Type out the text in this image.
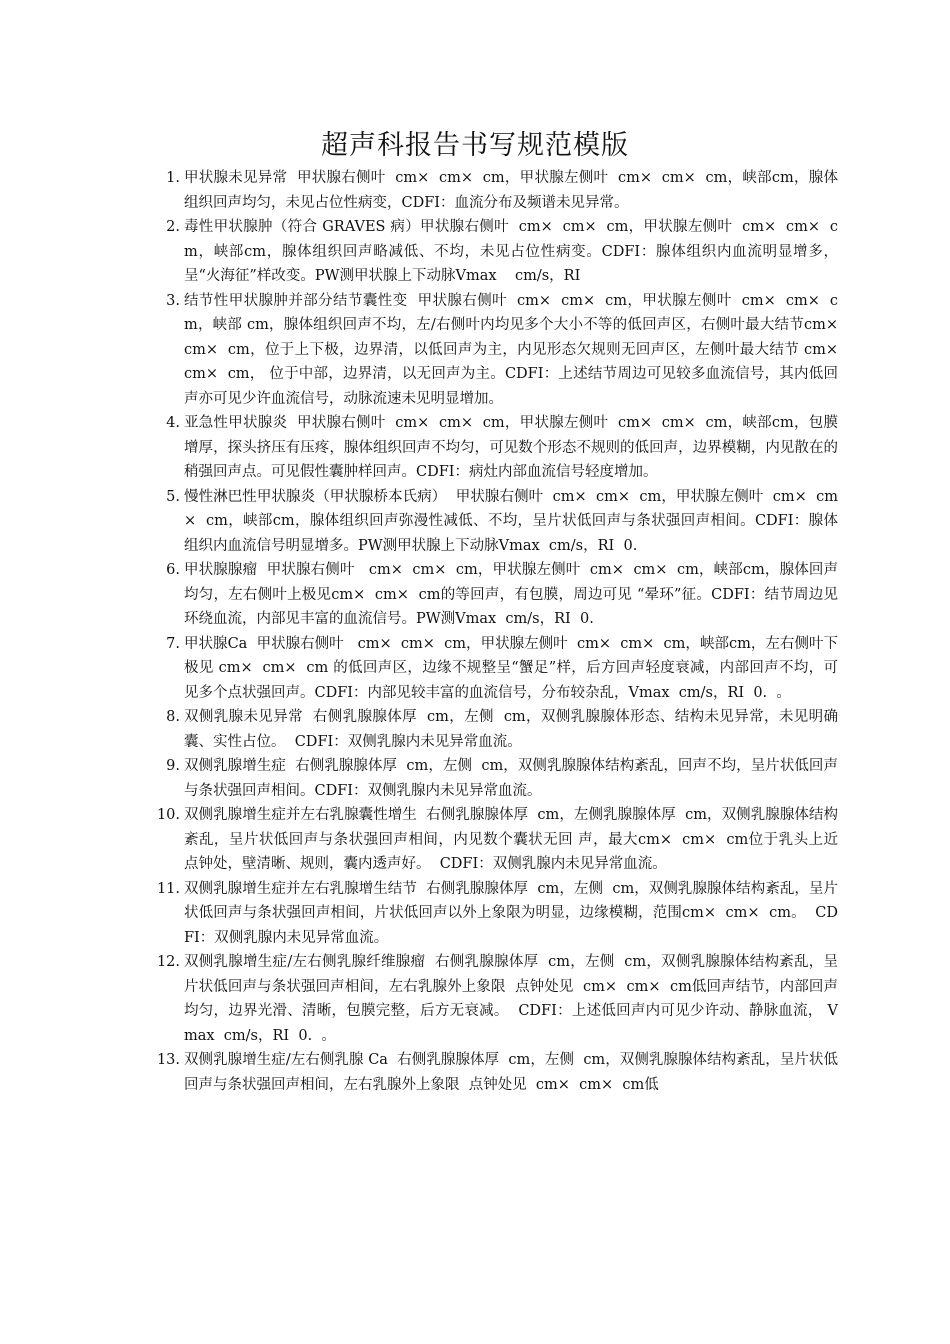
超声科报告书写规范模版
1. 甲状腺未见异常  甲状腺右侧叶  cm×  cm×  cm，甲状腺左侧叶  cm×  cm×  cm，峡部cm，腺体组织回声均匀，未见占位性病变，CDFI：血流分布及频谱未见异常。
2. 毒性甲状腺肿（符合 GRAVES 病）甲状腺右侧叶  cm×  cm×  cm，甲状腺左侧叶  cm×  cm×  cm，峡部cm，腺体组织回声略减低、不均，未见占位性病变。CDFI：腺体组织内血流明显增多，呈“火海征”样改变。PW测甲状腺上下动脉Vmax    cm/s，RI
3. 结节性甲状腺肿并部分结节囊性变  甲状腺右侧叶  cm×  cm×  cm，甲状腺左侧叶  cm×  cm×  cm，峡部 cm，腺体组织回声不均，左/右侧叶内均见多个大小不等的低回声区，右侧叶最大结节cm×  cm×  cm，位于上下极，边界清，以低回声为主，内见形态欠规则无回声区，左侧叶最大结节 cm×  cm×  cm， 位于中部，边界清，以无回声为主。CDFI：上述结节周边可见较多血流信号，其内低回声亦可见少许血流信号，动脉流速未见明显增加。
4. 亚急性甲状腺炎  甲状腺右侧叶  cm×  cm×  cm，甲状腺左侧叶  cm×  cm×  cm，峡部cm，包膜增厚，探头挤压有压疼，腺体组织回声不均匀，可见数个形态不规则的低回声，边界模糊，内见散在的稍强回声点。可见假性囊肿样回声。CDFI：病灶内部血流信号轻度增加。
5. 慢性淋巴性甲状腺炎（甲状腺桥本氏病）  甲状腺右侧叶  cm×  cm×  cm，甲状腺左侧叶  cm×  cm×  cm，峡部cm，腺体组织回声弥漫性减低、不均，呈片状低回声与条状强回声相间。CDFI：腺体组织内血流信号明显增多。PW测甲状腺上下动脉Vmax  cm/s，RI  0.
6. 甲状腺腺瘤  甲状腺右侧叶   cm×  cm×  cm，甲状腺左侧叶  cm×  cm×  cm，峡部cm，腺体回声均匀，左右侧叶上极见cm×  cm×  cm的等回声，有包膜，周边可见 “晕环”征。CDFI：结节周边见环绕血流，内部见丰富的血流信号。PW测Vmax  cm/s，RI  0.
7. 甲状腺Ca  甲状腺右侧叶   cm×  cm×  cm，甲状腺左侧叶  cm×  cm×  cm，峡部cm，左右侧叶下极见 cm×  cm×  cm 的低回声区，边缘不规整呈“蟹足”样，后方回声轻度衰减，内部回声不均，可见多个点状强回声。CDFI：内部见较丰富的血流信号，分布较杂乱，Vmax  cm/s，RI  0.  。
8. 双侧乳腺未见异常  右侧乳腺腺体厚  cm，左侧  cm，双侧乳腺腺体形态、结构未见异常，未见明确囊、实性占位。  CDFI：双侧乳腺内未见异常血流。
9. 双侧乳腺增生症  右侧乳腺腺体厚  cm，左侧  cm，双侧乳腺腺体结构紊乱，回声不均，呈片状低回声与条状强回声相间。CDFI：双侧乳腺内未见异常血流。
10. 双侧乳腺增生症并左右乳腺囊性增生  右侧乳腺腺体厚  cm，左侧乳腺腺体厚  cm，双侧乳腺腺体结构紊乱，呈片状低回声与条状强回声相间，内见数个囊状无回 声，最大cm×  cm×  cm位于乳头上近  点钟处，壁清晰、规则，囊内透声好。  CDFI：双侧乳腺内未见异常血流。
11. 双侧乳腺增生症并左右乳腺增生结节  右侧乳腺腺体厚  cm，左侧  cm，双侧乳腺腺体结构紊乱，呈片状低回声与条状强回声相间，片状低回声以外上象限为明显，边缘模糊，范围cm×  cm×  cm。  CDFI：双侧乳腺内未见异常血流。
12. 双侧乳腺增生症/左右侧乳腺纤维腺瘤  右侧乳腺腺体厚  cm，左侧  cm，双侧乳腺腺体结构紊乱，呈片状低回声与条状强回声相间，左右乳腺外上象限  点钟处见  cm×  cm×  cm低回声结节，内部回声均匀，边界光滑、清晰，包膜完整，后方无衰减。  CDFI：上述低回声内可见少许动、静脉血流， Vmax  cm/s，RI  0.  。
13. 双侧乳腺增生症/左右侧乳腺 Ca  右侧乳腺腺体厚  cm，左侧  cm，双侧乳腺腺体结构紊乱，呈片状低回声与条状强回声相间，左右乳腺外上象限  点钟处见  cm×  cm×  cm低
